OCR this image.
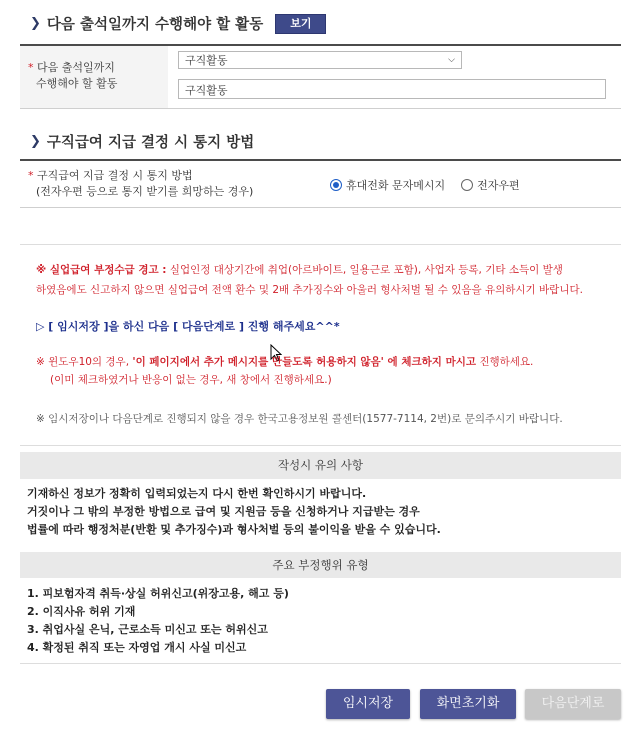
❯ 다음 출석일까지 수행해야 할 활동	보기
* 다음 출석일까지
수행해야 할 활동
구직활동	⌵
구직활동
❯ 구직급여 지급 결정 시 통지 방법
* 구직급여 지급 결정 시 통지 방법
(전자우편 등으로 통지 받기를 희망하는 경우)	휴대전화 문자메시지	전자우편
※ 실업급여 부정수급 경고 : 실업인정 대상기간에 취업(아르바이트, 일용근로 포함), 사업자 등록, 기타 소득이 발생
하였음에도 신고하지 않으면 실업급여 전액 환수 및 2배 추가징수와 아울러 형사처벌 될 수 있음을 유의하시기 바랍니다.
▷ [ 임시저장 ]을 하신 다음 [ 다음단계로 ] 진행 해주세요^^*
※ 윈도우10의 경우, '이 페이지에서 추가 메시지를 만들도록 허용하지 않음' 에 체크하지 마시고 진행하세요.
(이미 체크하였거나 반응이 없는 경우, 새 창에서 진행하세요.)
※ 임시저장이나 다음단계로 진행되지 않을 경우 한국고용정보원 콜센터(1577-7114, 2번)로 문의주시기 바랍니다.
작성시 유의 사항
기재하신 정보가 정확히 입력되었는지 다시 한번 확인하시기 바랍니다.
거짓이나 그 밖의 부정한 방법으로 급여 및 지원금 등을 신청하거나 지급받는 경우
법률에 따라 행정처분(반환 및 추가징수)과 형사처벌 등의 불이익을 받을 수 있습니다.
주요 부정행위 유형
1. 피보험자격 취득·상실 허위신고(위장고용, 해고 등)
2. 이직사유 허위 기재
3. 취업사실 은닉, 근로소득 미신고 또는 허위신고
4. 확정된 취직 또는 자영업 개시 사실 미신고
임시저장	화면초기화	다음단계로
